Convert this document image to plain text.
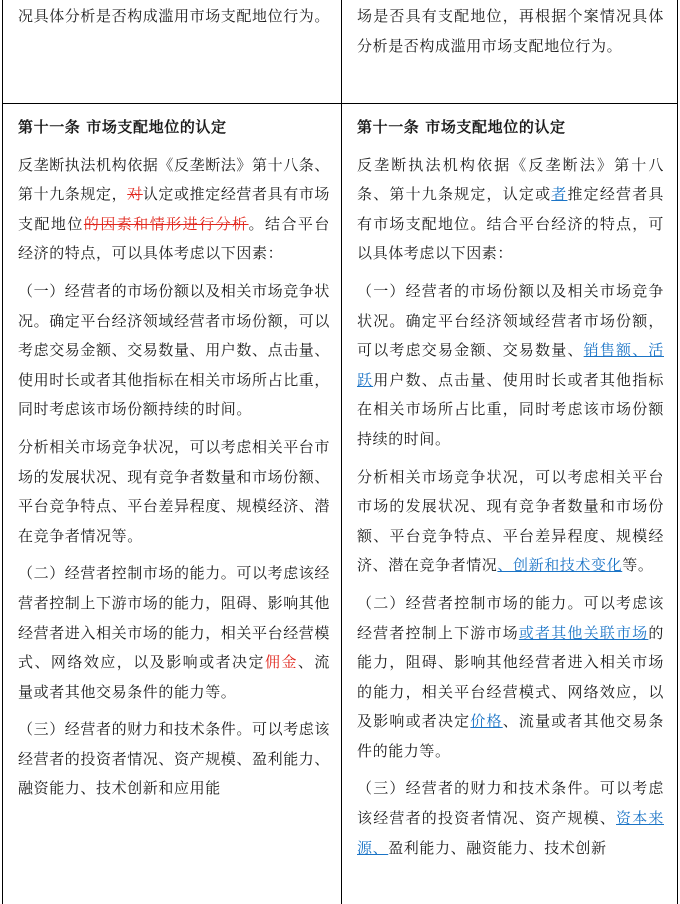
况具体分析是否构成滥用市场支配地位行为。 场是否具有支配地位，再根据个案情况具体分析是否构成滥用市场支配地位行为。

第十一条 市场支配地位的认定

反垄断执法机构依据《反垄断法》第十八条、第十九条规定，对认定或推定经营者具有市场支配地位的因素和情形进行分析。结合平台经济的特点，可以具体考虑以下因素：

（一）经营者的市场份额以及相关市场竞争状况。确定平台经济领域经营者市场份额，可以考虑交易金额、交易数量、用户数、点击量、使用时长或者其他指标在相关市场所占比重，同时考虑该市场份额持续的时间。

分析相关市场竞争状况，可以考虑相关平台市场的发展状况、现有竞争者数量和市场份额、平台竞争特点、平台差异程度、规模经济、潜在竞争者情况等。

（二）经营者控制市场的能力。可以考虑该经营者控制上下游市场的能力，阻碍、影响其他经营者进入相关市场的能力，相关平台经营模式、网络效应，以及影响或者决定佣金、流量或者其他交易条件的能力等。

（三）经营者的财力和技术条件。可以考虑该经营者的投资者情况、资产规模、盈利能力、融资能力、技术创新和应用能

第十一条 市场支配地位的认定

反垄断执法机构依据《反垄断法》第十八条、第十九条规定，认定或者推定经营者具有市场支配地位。结合平台经济的特点，可以具体考虑以下因素：

（一）经营者的市场份额以及相关市场竞争状况。确定平台经济领域经营者市场份额，可以考虑交易金额、交易数量、销售额、活跃用户数、点击量、使用时长或者其他指标在相关市场所占比重，同时考虑该市场份额持续的时间。

分析相关市场竞争状况，可以考虑相关平台市场的发展状况、现有竞争者数量和市场份额、平台竞争特点、平台差异程度、规模经济、潜在竞争者情况、创新和技术变化等。

（二）经营者控制市场的能力。可以考虑该经营者控制上下游市场或者其他关联市场的能力，阻碍、影响其他经营者进入相关市场的能力，相关平台经营模式、网络效应，以及影响或者决定价格、流量或者其他交易条件的能力等。

（三）经营者的财力和技术条件。可以考虑该经营者的投资者情况、资产规模、资本来源、盈利能力、融资能力、技术创新
